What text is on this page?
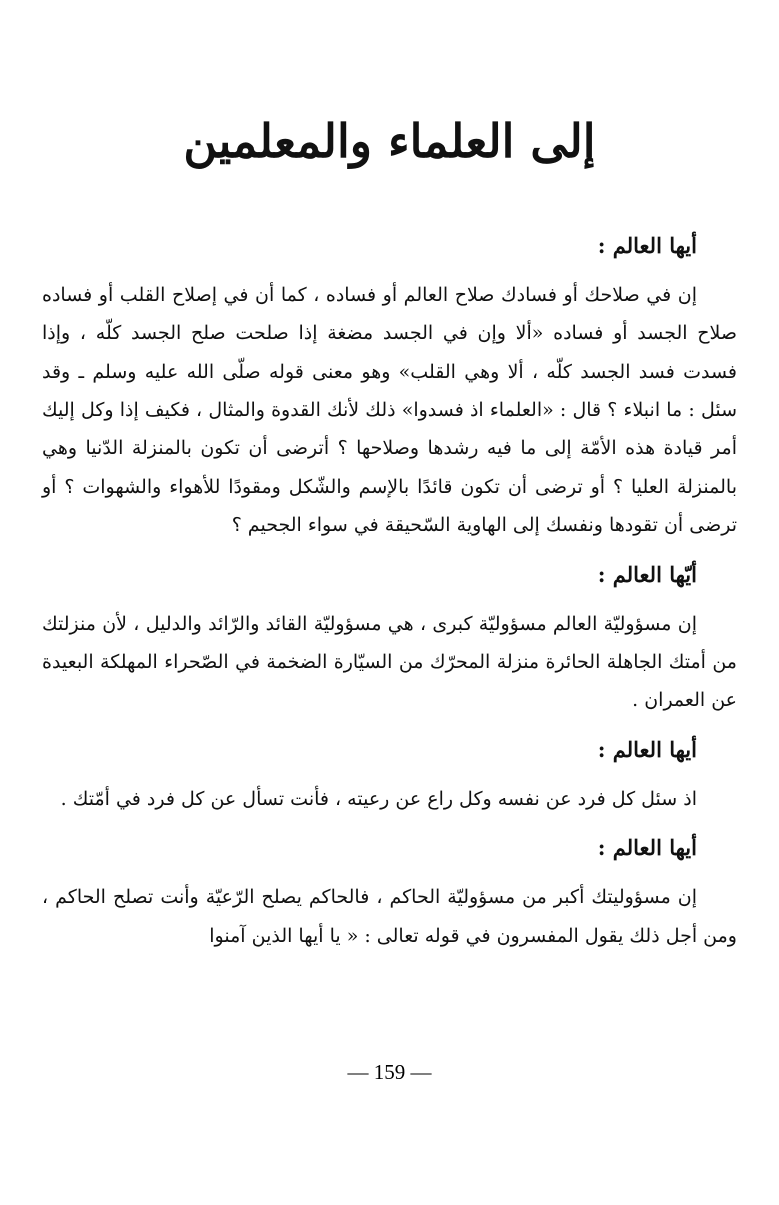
إلى العلماء والمعلمين
أيها العالم :

إن في صلاحك أو فسادك صلاح العالم أو فساده ، كما أن في إصلاح القلب أو فساده صلاح الجسد أو فساده «ألا وإن في الجسد مضغة إذا صلحت صلح الجسد كلّه ، وإذا فسدت فسد الجسد كلّه ، ألا وهي القلب» وهو معنى قوله صلّى الله عليه وسلم ـ وقد سئل : ما انبلاء ؟ قال : «العلماء اذ فسدوا» ذلك لأنك القدوة والمثال ، فكيف إذا وكل إليك أمر قيادة هذه الأمّة إلى ما فيه رشدها وصلاحها ؟ أترضى أن تكون بالمنزلة الدّنيا وهي بالمنزلة العليا ؟ أو ترضى أن تكون قائدًا بالإسم والشّكل ومقودًا للأهواء والشهوات ؟ أو ترضى أن تقودها ونفسك إلى الهاوية السّحيقة في سواء الجحيم ؟

أيّها العالم :

إن مسؤوليّة العالم مسؤوليّة كبرى ، هي مسؤوليّة القائد والرّائد والدليل ، لأن منزلتك من أمتك الجاهلة الحائرة منزلة المحرّك من السيّارة الضخمة في الصّحراء المهلكة البعيدة عن العمران .

أيها العالم :

اذ سئل كل فرد عن نفسه وكل راع عن رعيته ، فأنت تسأل عن كل فرد في أمّتك .

أيها العالم :

إن مسؤوليتك أكبر من مسؤوليّة الحاكم ، فالحاكم يصلح الرّعيّة وأنت تصلح الحاكم ، ومن أجل ذلك يقول المفسرون في قوله تعالى : « يا أيها الذين آمنوا

— 159 —
